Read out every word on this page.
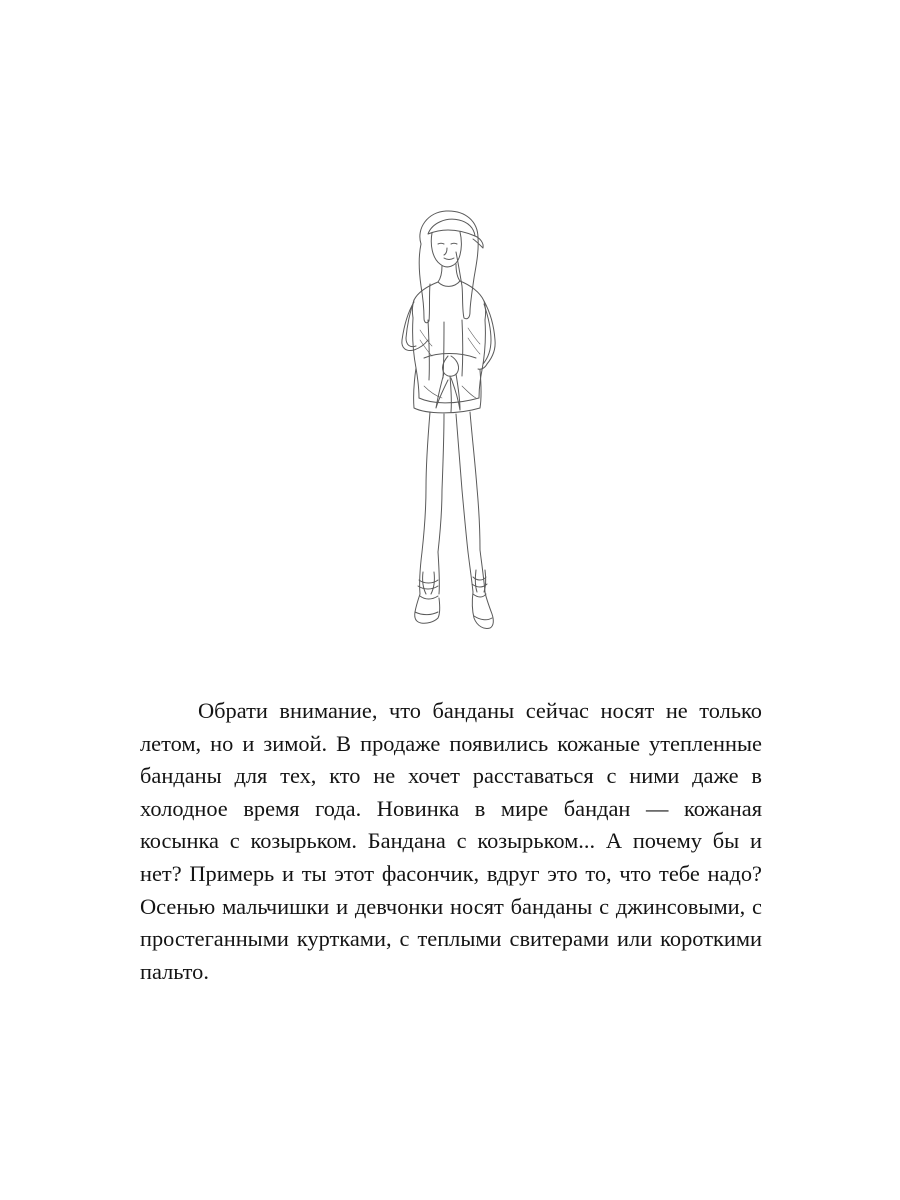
Обрати внимание, что банданы сейчас носят не только летом, но и зимой. В продаже появились кожаные утепленные банданы для тех, кто не хочет расставаться с ними даже в холодное время года. Новинка в мире бандан — кожаная косынка с козырьком. Бандана с козырьком... А почему бы и нет? Примерь и ты этот фасончик, вдруг это то, что тебе надо? Осенью мальчишки и девчонки носят банданы с джинсовыми, с простеганными куртками, с теплыми свитерами или короткими пальто.
